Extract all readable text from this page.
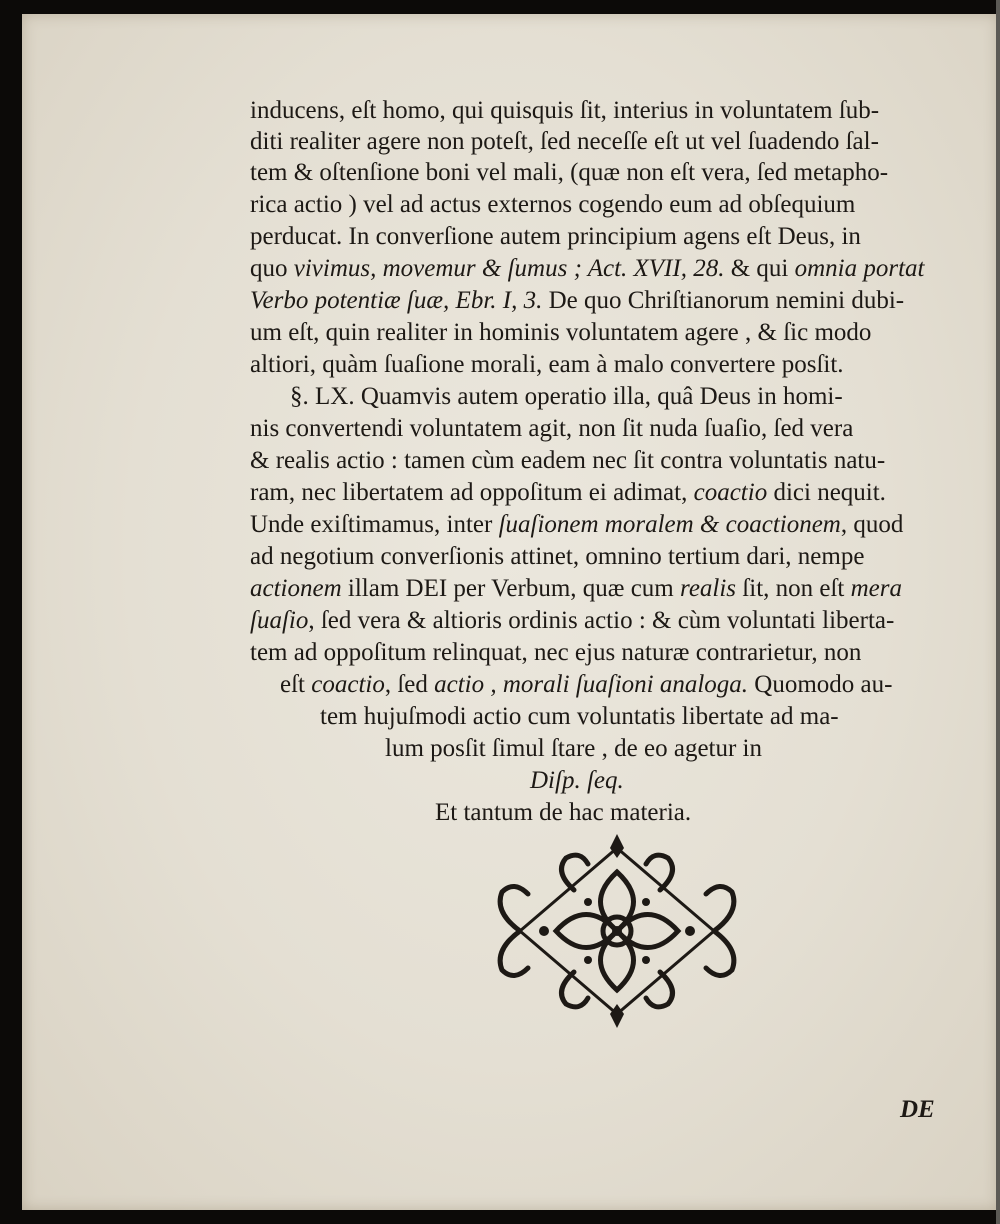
inducens, eſt homo, qui quisquis ſit, interius in voluntatem ſub-
diti realiter agere non poteſt, ſed neceſſe eſt ut vel ſuadendo ſal-
tem & oſtenſione boni vel mali, (quæ non eſt vera, ſed metapho-
rica actio ) vel ad actus externos cogendo eum ad obſequium
perducat. In converſione autem principium agens eſt Deus, in
quo vivimus, movemur & ſumus ; Act. XVII, 28. & qui omnia portat
Verbo potentiæ ſuæ, Ebr. I, 3. De quo Chriſtianorum nemini dubi-
um eſt, quin realiter in hominis voluntatem agere , & ſic modo
altiori, quàm ſuaſione morali, eam à malo convertere posſit.
§. LX. Quamvis autem operatio illa, quâ Deus in homi-
nis convertendi voluntatem agit, non ſit nuda ſuaſio, ſed vera
& realis actio : tamen cùm eadem nec ſit contra voluntatis natu-
ram, nec libertatem ad oppoſitum ei adimat, coactio dici nequit.
Unde exiſtimamus, inter ſuaſionem moralem & coactionem, quod
ad negotium converſionis attinet, omnino tertium dari, nempe
actionem illam DEI per Verbum, quæ cum realis ſit, non eſt mera
ſuaſio, ſed vera & altioris ordinis actio : & cùm voluntati liberta-
tem ad oppoſitum relinquat, nec ejus naturæ contrarietur, non
eſt coactio, ſed actio , morali ſuaſioni analoga. Quomodo au-
tem hujuſmodi actio cum voluntatis libertate ad ma-
lum posſit ſimul ſtare , de eo agetur in
Diſp. ſeq.
Et tantum de hac materia.
DE
